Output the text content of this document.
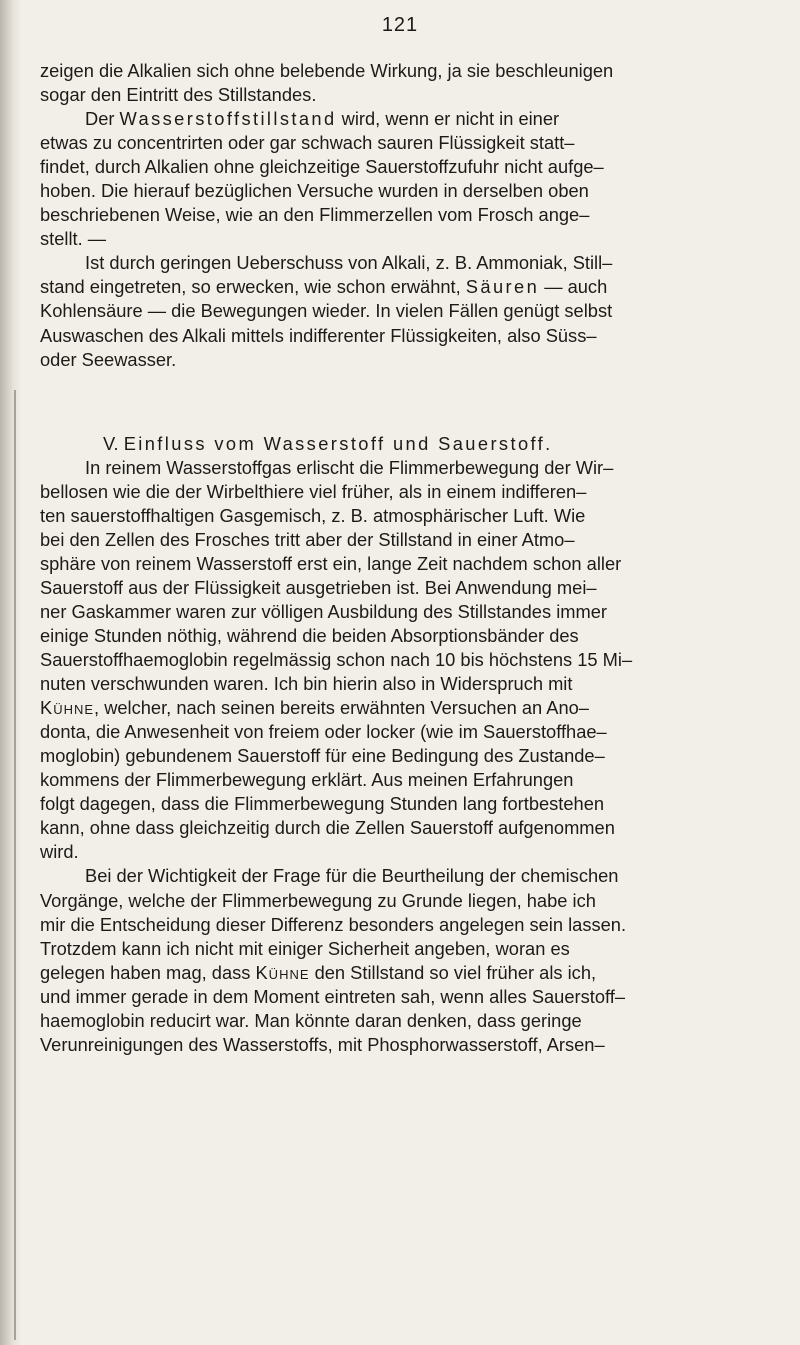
121
zeigen die Alkalien sich ohne belebende Wirkung, ja sie beschleunigen
sogar den Eintritt des Stillstandes.
Der Wasserstoffstillstand wird, wenn er nicht in einer
etwas zu concentrirten oder gar schwach sauren Flüssigkeit statt–
findet, durch Alkalien ohne gleichzeitige Sauerstoffzufuhr nicht aufge–
hoben. Die hierauf bezüglichen Versuche wurden in derselben oben
beschriebenen Weise, wie an den Flimmerzellen vom Frosch ange–
stellt. —
Ist durch geringen Ueberschuss von Alkali, z. B. Ammoniak, Still–
stand eingetreten, so erwecken, wie schon erwähnt, Säuren — auch
Kohlensäure — die Bewegungen wieder. In vielen Fällen genügt selbst
Auswaschen des Alkali mittels indifferenter Flüssigkeiten, also Süss–
oder Seewasser.
V. Einfluss vom Wasserstoff und Sauerstoff.
In reinem Wasserstoffgas erlischt die Flimmerbewegung der Wir–
bellosen wie die der Wirbelthiere viel früher, als in einem indifferen–
ten sauerstoffhaltigen Gasgemisch, z. B. atmosphärischer Luft. Wie
bei den Zellen des Frosches tritt aber der Stillstand in einer Atmo–
sphäre von reinem Wasserstoff erst ein, lange Zeit nachdem schon aller
Sauerstoff aus der Flüssigkeit ausgetrieben ist. Bei Anwendung mei–
ner Gaskammer waren zur völligen Ausbildung des Stillstandes immer
einige Stunden nöthig, während die beiden Absorptionsbänder des
Sauerstoffhaemoglobin regelmässig schon nach 10 bis höchstens 15 Mi–
nuten verschwunden waren. Ich bin hierin also in Widerspruch mit
Kühne, welcher, nach seinen bereits erwähnten Versuchen an Ano–
donta, die Anwesenheit von freiem oder locker (wie im Sauerstoffhae–
moglobin) gebundenem Sauerstoff für eine Bedingung des Zustande–
kommens der Flimmerbewegung erklärt. Aus meinen Erfahrungen
folgt dagegen, dass die Flimmerbewegung Stunden lang fortbestehen
kann, ohne dass gleichzeitig durch die Zellen Sauerstoff aufgenommen
wird.
Bei der Wichtigkeit der Frage für die Beurtheilung der chemischen
Vorgänge, welche der Flimmerbewegung zu Grunde liegen, habe ich
mir die Entscheidung dieser Differenz besonders angelegen sein lassen.
Trotzdem kann ich nicht mit einiger Sicherheit angeben, woran es
gelegen haben mag, dass Kühne den Stillstand so viel früher als ich,
und immer gerade in dem Moment eintreten sah, wenn alles Sauerstoff–
haemoglobin reducirt war. Man könnte daran denken, dass geringe
Verunreinigungen des Wasserstoffs, mit Phosphorwasserstoff, Arsen–
